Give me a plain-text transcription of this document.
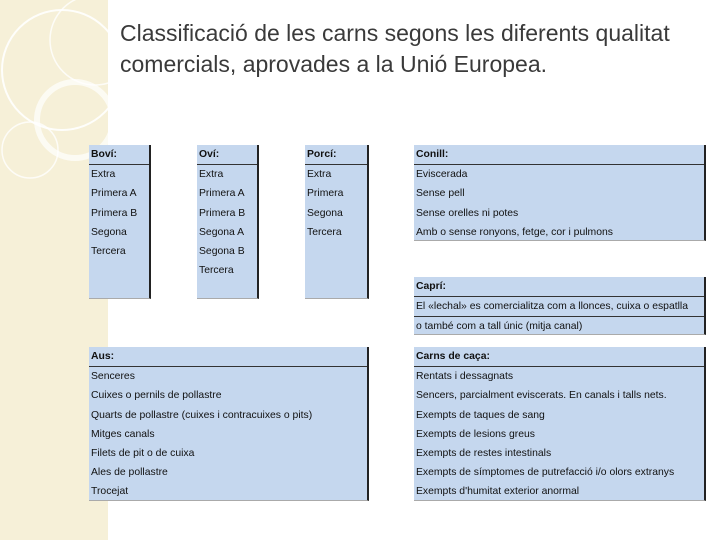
Classificació de les carns segons les diferents qualitat comercials, aprovades a la Unió Europea.
Boví:
Extra
Primera A
Primera B
Segona
Tercera
Oví:
Extra
Primera A
Primera B
Segona A
Segona B
Tercera
Porcí:
Extra
Primera
Segona
Tercera
Conill:
Eviscerada
Sense pell
Sense orelles ni potes
Amb o sense ronyons, fetge, cor i pulmons
Caprí:
El «lechal» es comercialitza com a llonces, cuixa o espatlla
o també com a tall únic (mitja canal)
Aus:
Senceres
Cuixes o pernils de pollastre
Quarts de pollastre (cuixes i contracuixes o pits)
Mitges canals
Filets de pit o de cuixa
Ales de pollastre
Trocejat
Carns de caça:
Rentats i dessagnats
Sencers, parcialment eviscerats. En canals i talls nets.
Exempts de taques de sang
Exempts de lesions greus
Exempts de restes intestinals
Exempts de símptomes de putrefacció i/o olors extranys
Exempts d'humitat exterior anormal
